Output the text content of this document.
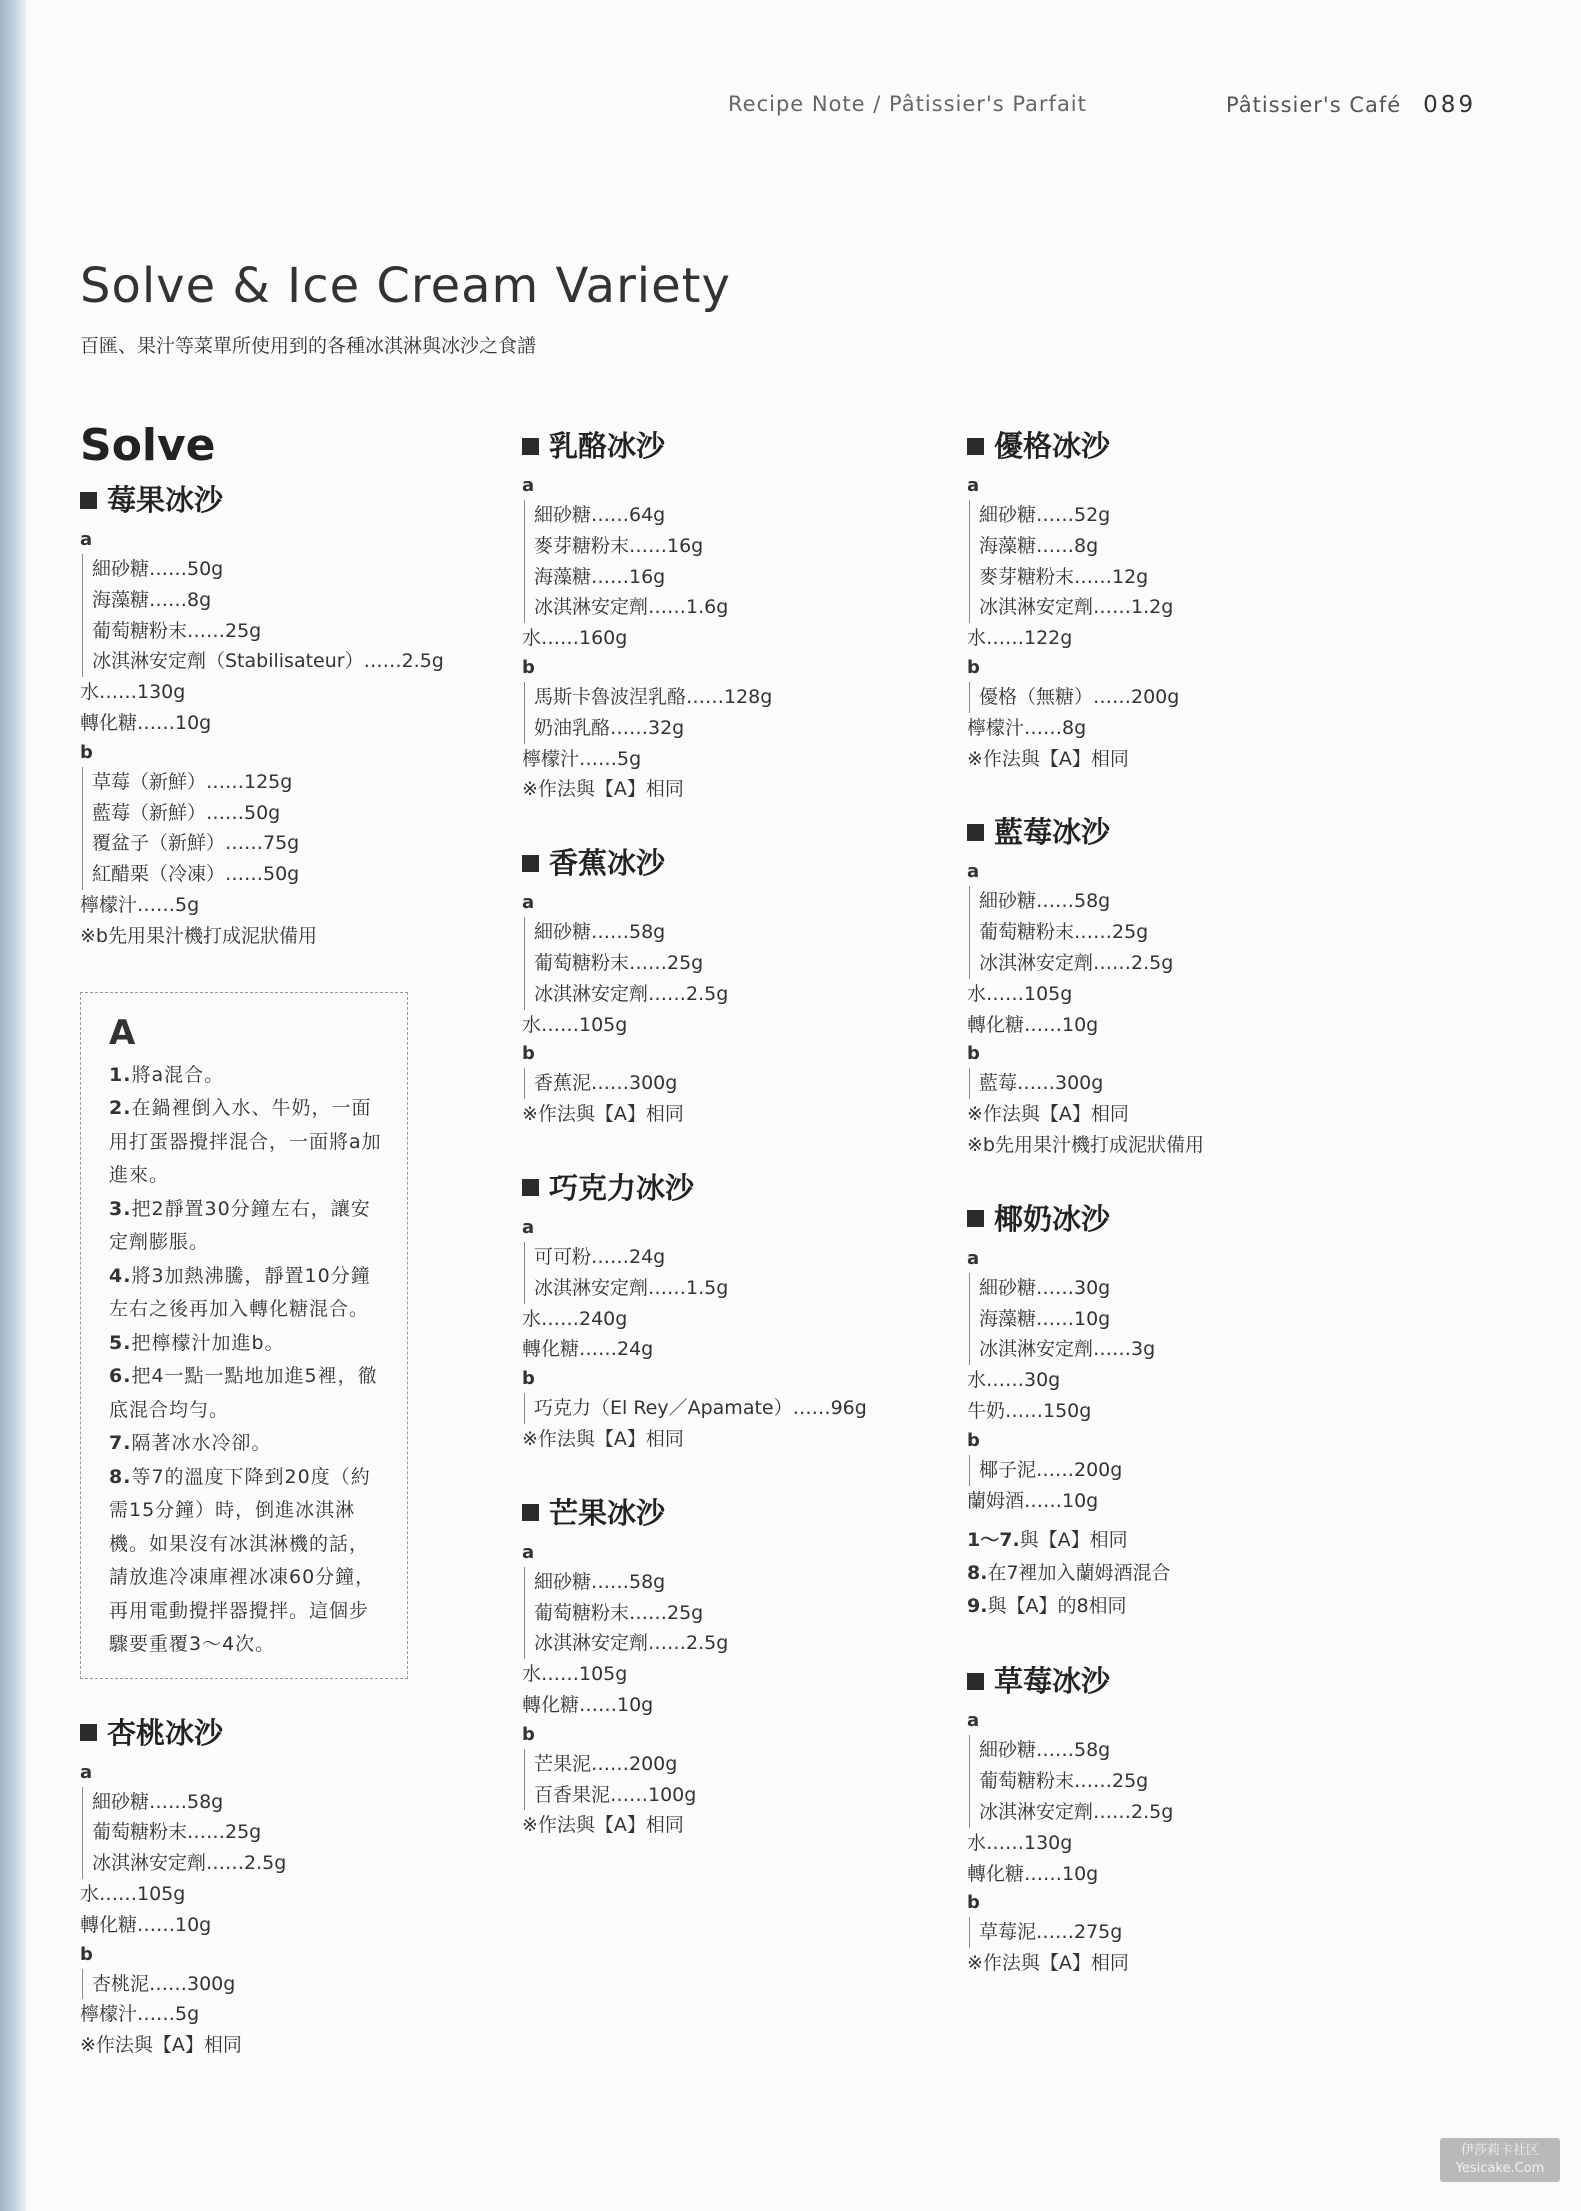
Recipe Note / Pâtissier's Parfait	Pâtissier's Café 089
Solve & Ice Cream Variety
百匯、果汁等菜單所使用到的各種冰淇淋與冰沙之食譜
Solve
莓果冰沙
a
細砂糖……50g
海藻糖……8g
葡萄糖粉末……25g
冰淇淋安定劑（Stabilisateur）……2.5g
水……130g
轉化糖……10g
b
草莓（新鮮）……125g
藍莓（新鮮）……50g
覆盆子（新鮮）……75g
紅醋栗（冷凍）……50g
檸檬汁……5g
※b先用果汁機打成泥狀備用
A
1.將a混合。
2.在鍋裡倒入水、牛奶，一面用打蛋器攪拌混合，一面將a加進來。
3.把2靜置30分鐘左右，讓安定劑膨脹。
4.將3加熱沸騰，靜置10分鐘左右之後再加入轉化糖混合。
5.把檸檬汁加進b。
6.把4一點一點地加進5裡，徹底混合均勻。
7.隔著冰水冷卻。
8.等7的溫度下降到20度（約需15分鐘）時，倒進冰淇淋機。如果沒有冰淇淋機的話，請放進冷凍庫裡冰凍60分鐘，再用電動攪拌器攪拌。這個步驟要重覆3～4次。
杏桃冰沙
a
細砂糖……58g
葡萄糖粉末……25g
冰淇淋安定劑……2.5g
水……105g
轉化糖……10g
b
杏桃泥……300g
檸檬汁……5g
※作法與【A】相同
乳酪冰沙
a
細砂糖……64g
麥芽糖粉末……16g
海藻糖……16g
冰淇淋安定劑……1.6g
水……160g
b
馬斯卡魯波涅乳酪……128g
奶油乳酪……32g
檸檬汁……5g
※作法與【A】相同
香蕉冰沙
a
細砂糖……58g
葡萄糖粉末……25g
冰淇淋安定劑……2.5g
水……105g
b
香蕉泥……300g
※作法與【A】相同
巧克力冰沙
a
可可粉……24g
冰淇淋安定劑……1.5g
水……240g
轉化糖……24g
b
巧克力（El Rey／Apamate）……96g
※作法與【A】相同
芒果冰沙
a
細砂糖……58g
葡萄糖粉末……25g
冰淇淋安定劑……2.5g
水……105g
轉化糖……10g
b
芒果泥……200g
百香果泥……100g
※作法與【A】相同
優格冰沙
a
細砂糖……52g
海藻糖……8g
麥芽糖粉末……12g
冰淇淋安定劑……1.2g
水……122g
b
優格（無糖）……200g
檸檬汁……8g
※作法與【A】相同
藍莓冰沙
a
細砂糖……58g
葡萄糖粉末……25g
冰淇淋安定劑……2.5g
水……105g
轉化糖……10g
b
藍莓……300g
※作法與【A】相同
※b先用果汁機打成泥狀備用
椰奶冰沙
a
細砂糖……30g
海藻糖……10g
冰淇淋安定劑……3g
水……30g
牛奶……150g
b
椰子泥……200g
蘭姆酒……10g
1～7.與【A】相同
8.在7裡加入蘭姆酒混合
9.與【A】的8相同
草莓冰沙
a
細砂糖……58g
葡萄糖粉末……25g
冰淇淋安定劑……2.5g
水……130g
轉化糖……10g
b
草莓泥……275g
※作法與【A】相同
伊莎莉卡社区
Yesicake.Com
